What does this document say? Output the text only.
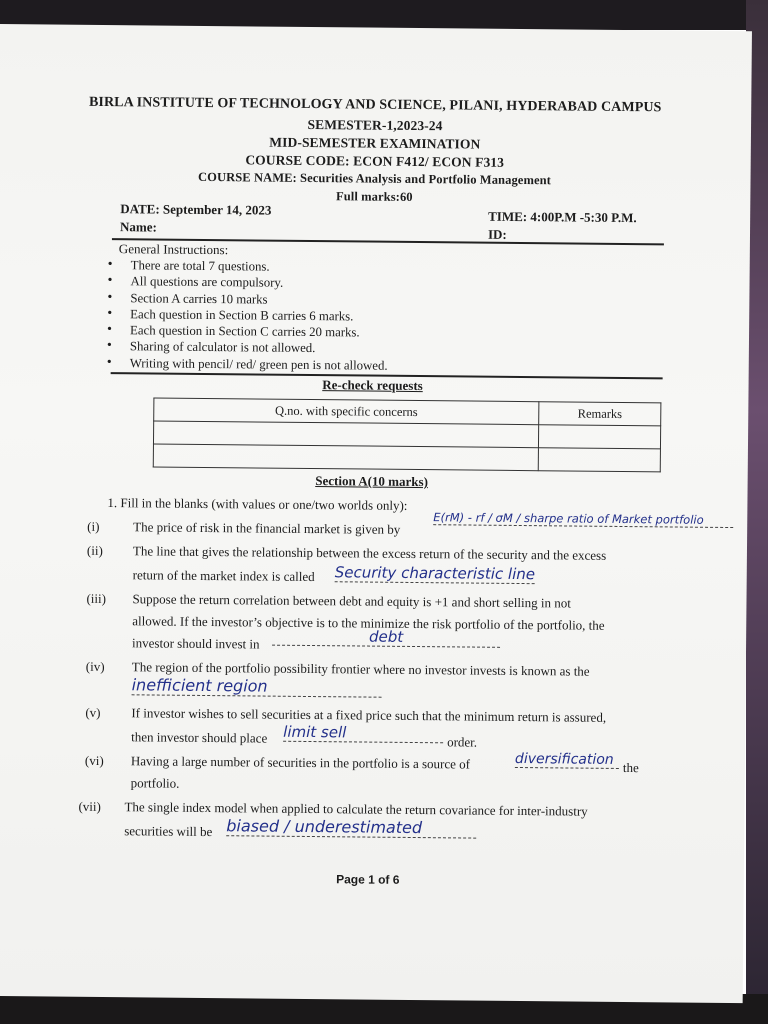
BIRLA INSTITUTE OF TECHNOLOGY AND SCIENCE, PILANI, HYDERABAD CAMPUS
SEMESTER-1,2023-24
MID-SEMESTER EXAMINATION
COURSE CODE: ECON F412/ ECON F313
COURSE NAME: Securities Analysis and Portfolio Management
Full marks:60
DATE: September 14, 2023
Name:
TIME: 4:00P.M -5:30 P.M.
ID:
General Instructions:
• There are total 7 questions.
• All questions are compulsory.
• Section A carries 10 marks
• Each question in Section B carries 6 marks.
• Each question in Section C carries 20 marks.
• Sharing of calculator is not allowed.
• Writing with pencil/ red/ green pen is not allowed.
Re-check requests
Q.no. with specific concerns	Remarks

Section A(10 marks)
1. Fill in the blanks (with values or one/two worlds only):
(i)	The price of risk in the financial market is given by
E(rM) - rf / σM / sharpe ratio of Market portfolio
(ii) The line that gives the relationship between the excess return of the security and the excess
return of the market index is called Security characteristic line
(iii) Suppose the return correlation between debt and equity is +1 and short selling in not
allowed. If the investor’s objective is to the minimize the risk portfolio of the portfolio, the
investor should invest in	debt
(iv) The region of the portfolio possibility frontier where no investor invests is known as the
inefficient region
(v) If investor wishes to sell securities at a fixed price such that the minimum return is assured,
then investor should place limit sell
order.
(vi) Having a large number of securities in the portfolio is a source of	diversification the
portfolio.
(vii) The single index model when applied to calculate the return covariance for inter-industry
securities will be biased / underestimated
Page 1 of 6
